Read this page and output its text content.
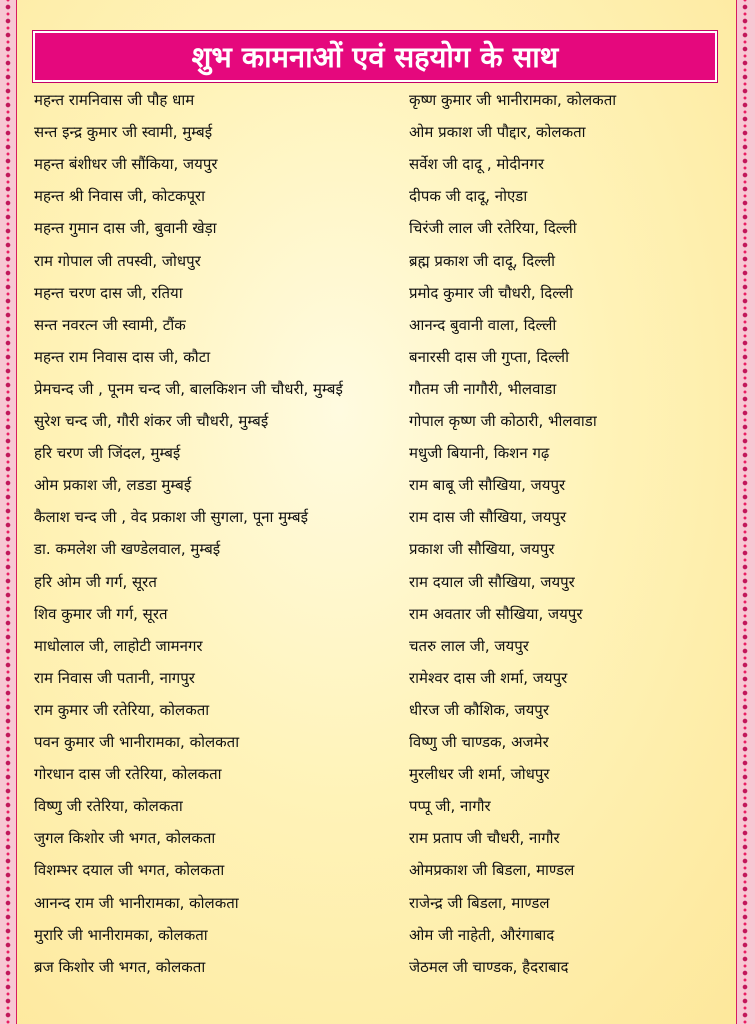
शुभ कामनाओं एवं सहयोग के साथ
महन्त रामनिवास जी पौह धाम	कृष्ण कुमार जी भानीरामका, कोलकता
सन्त इन्द्र कुमार जी स्वामी, मुम्बई	ओम प्रकाश जी पौद्दार, कोलकता
महन्त बंशीधर जी सौंकिया, जयपुर	सर्वेश जी दादू , मोदीनगर
महन्त श्री निवास जी, कोटकपूरा	दीपक जी दादू, नोएडा
महन्त गुमान दास जी, बुवानी खेड़ा	चिरंजी लाल जी रतेरिया, दिल्ली
राम गोपाल जी तपस्वी, जोधपुर	ब्रह्म प्रकाश जी दादू, दिल्ली
महन्त चरण दास जी, रतिया	प्रमोद कुमार जी चौधरी, दिल्ली
सन्त नवरत्न जी स्वामी, टौंक	आनन्द बुवानी वाला, दिल्ली
महन्त राम निवास दास जी, कौटा	बनारसी दास जी गुप्ता, दिल्ली
प्रेमचन्द जी , पूनम चन्द जी, बालकिशन जी चौधरी, मुम्बई	गौतम जी नागौरी, भीलवाडा
सुरेश चन्द जी, गौरी शंकर जी चौधरी, मुम्बई	गोपाल कृष्ण जी कोठारी, भीलवाडा
हरि चरण जी जिंदल, मुम्बई	मधुजी बियानी, किशन गढ़
ओम प्रकाश जी, लडडा मुम्बई	राम बाबू जी सौखिया, जयपुर
कैलाश चन्द जी , वेद प्रकाश जी सुगला, पूना मुम्बई	राम दास जी सौखिया, जयपुर
डा. कमलेश जी खण्डेलवाल, मुम्बई	प्रकाश जी सौखिया, जयपुर
हरि ओम जी गर्ग, सूरत	राम दयाल जी सौखिया, जयपुर
शिव कुमार जी गर्ग, सूरत	राम अवतार जी सौखिया, जयपुर
माधोलाल जी, लाहोटी जामनगर	चतरु लाल जी, जयपुर
राम निवास जी पतानी, नागपुर	रामेश्वर दास जी शर्मा, जयपुर
राम कुमार जी रतेरिया, कोलकता	धीरज जी कौशिक, जयपुर
पवन कुमार जी भानीरामका, कोलकता	विष्णु जी चाण्डक, अजमेर
गोरधान दास जी रतेरिया, कोलकता	मुरलीधर जी शर्मा, जोधपुर
विष्णु जी रतेरिया, कोलकता	पप्पू जी, नागौर
जुगल किशोर जी भगत, कोलकता	राम प्रताप जी चौधरी, नागौर
विशम्भर दयाल जी भगत, कोलकता	ओमप्रकाश जी बिडला, माण्डल
आनन्द राम जी भानीरामका, कोलकता	राजेन्द्र जी बिडला, माण्डल
मुरारि जी भानीरामका, कोलकता	ओम जी नाहेती, औरंगाबाद
ब्रज किशोर जी भगत, कोलकता	जेठमल जी चाण्डक, हैदराबाद
